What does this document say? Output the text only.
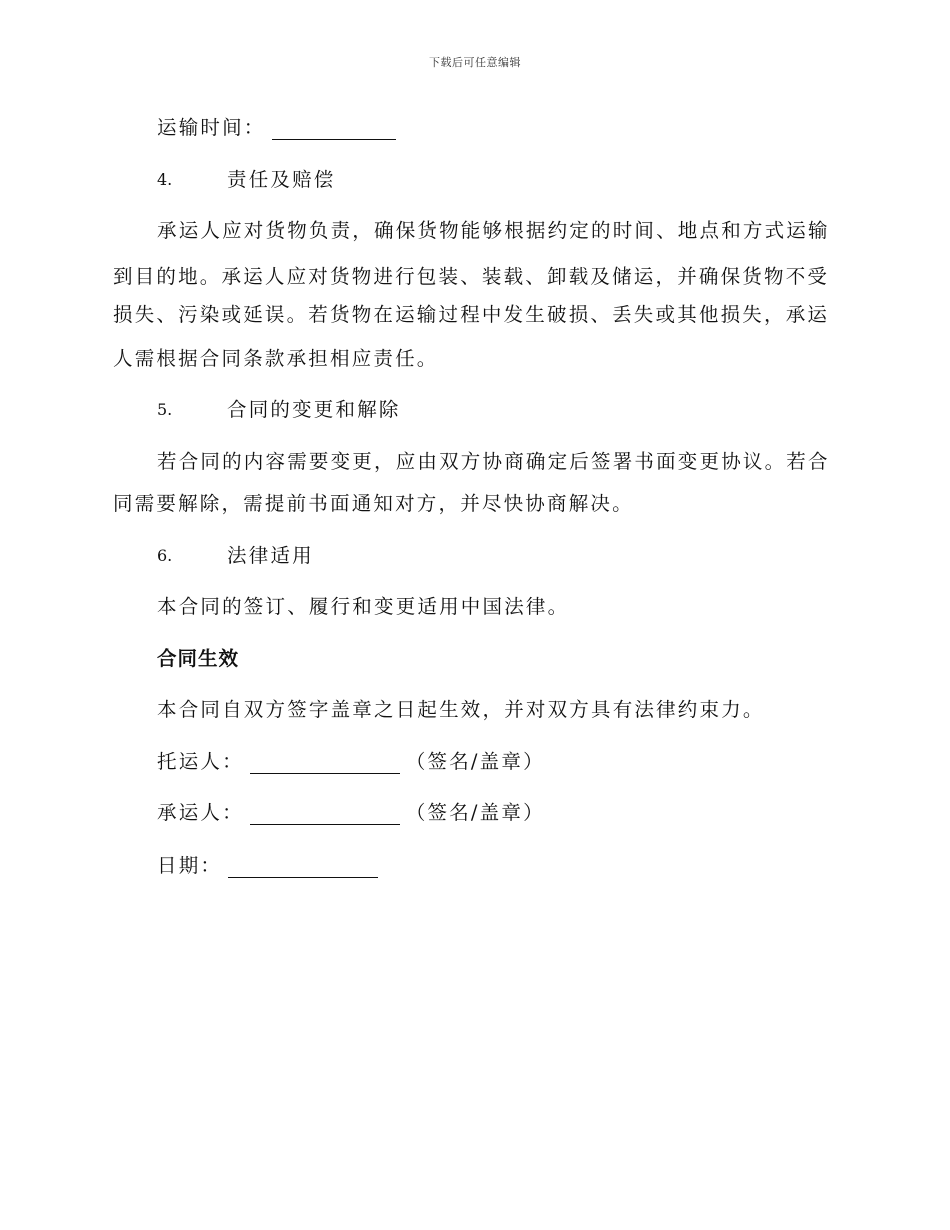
下载后可任意编辑
运输时间：
4.	责任及赔偿
承运人应对货物负责，确保货物能够根据约定的时间、地点和方式运输
到目的地。承运人应对货物进行包装、装载、卸载及储运，并确保货物不受
损失、污染或延误。若货物在运输过程中发生破损、丢失或其他损失，承运
人需根据合同条款承担相应责任。
5.	合同的变更和解除
若合同的内容需要变更，应由双方协商确定后签署书面变更协议。若合
同需要解除，需提前书面通知对方，并尽快协商解决。
6.	法律适用
本合同的签订、履行和变更适用中国法律。
合同生效
本合同自双方签字盖章之日起生效，并对双方具有法律约束力。
托运人：	（签名/盖章）
承运人：	（签名/盖章）
日期：
